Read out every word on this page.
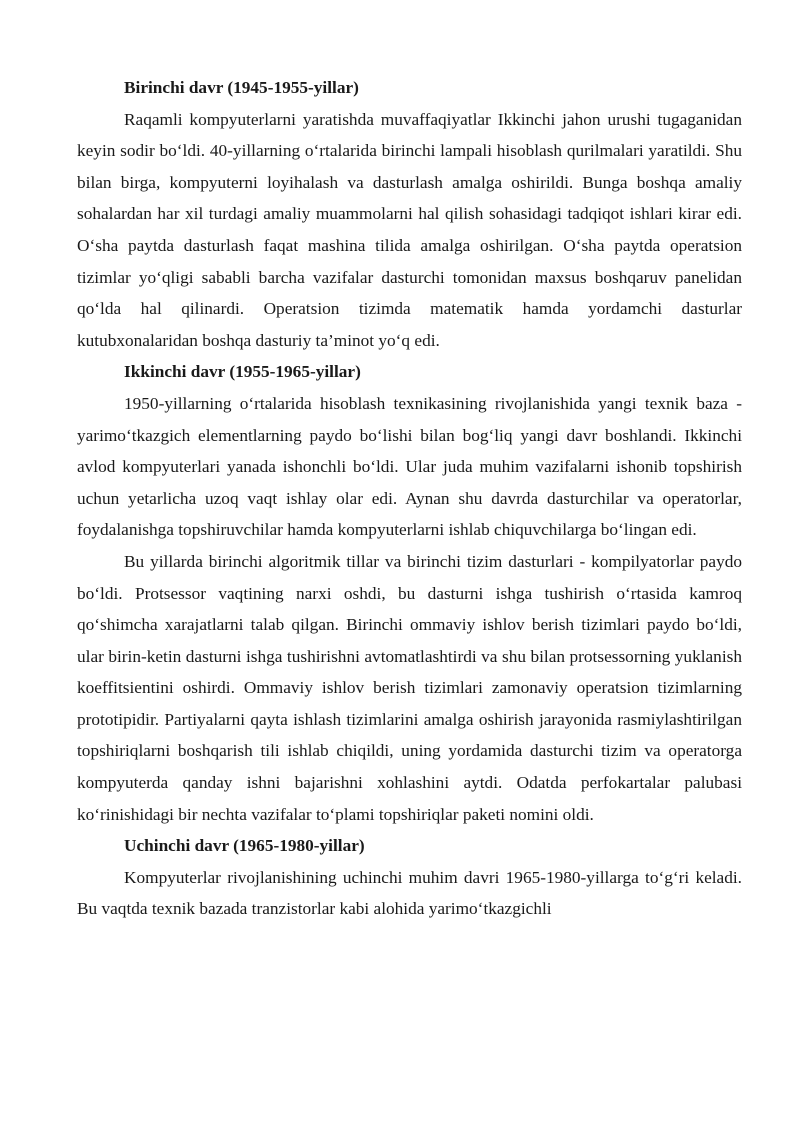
Birinchi davr (1945-1955-yillar)

Raqamli kompyuterlarni yaratishda muvaffaqiyatlar Ikkinchi jahon urushi tugaganidan keyin sodir bo‘ldi. 40-yillarning o‘rtalarida birinchi lampali hisoblash qurilmalari yaratildi. Shu bilan birga, kompyuterni loyihalash va dasturlash amalga oshirildi. Bunga boshqa amaliy sohalardan har xil turdagi amaliy muammolarni hal qilish sohasidagi tadqiqot ishlari kirar edi. O‘sha paytda dasturlash faqat mashina tilida amalga oshirilgan. O‘sha paytda operatsion tizimlar yo‘qligi sababli barcha vazifalar dasturchi tomonidan maxsus boshqaruv panelidan qo‘lda hal qilinardi. Operatsion tizimda matematik hamda yordamchi dasturlar kutubxonalaridan boshqa dasturiy ta’minot yo‘q edi.

Ikkinchi davr (1955-1965-yillar)

1950-yillarning o‘rtalarida hisoblash texnikasining rivojlanishida yangi texnik baza - yarimo‘tkazgich elementlarning paydo bo‘lishi bilan bog‘liq yangi davr boshlandi. Ikkinchi avlod kompyuterlari yanada ishonchli bo‘ldi. Ular juda muhim vazifalarni ishonib topshirish uchun yetarlicha uzoq vaqt ishlay olar edi. Aynan shu davrda dasturchilar va operatorlar, foydalanishga topshiruvchilar hamda kompyuterlarni ishlab chiquvchilarga bo‘lingan edi.

Bu yillarda birinchi algoritmik tillar va birinchi tizim dasturlari - kompilyatorlar paydo bo‘ldi. Protsessor vaqtining narxi oshdi, bu dasturni ishga tushirish o‘rtasida kamroq qo‘shimcha xarajatlarni talab qilgan. Birinchi ommaviy ishlov berish tizimlari paydo bo‘ldi, ular birin-ketin dasturni ishga tushirishni avtomatlashtirdi va shu bilan protsessorning yuklanish koeffitsientini oshirdi. Ommaviy ishlov berish tizimlari zamonaviy operatsion tizimlarning prototipidir. Partiyalarni qayta ishlash tizimlarini amalga oshirish jarayonida rasmiylashtirilgan topshiriqlarni boshqarish tili ishlab chiqildi, uning yordamida dasturchi tizim va operatorga kompyuterda qanday ishni bajarishni xohlashini aytdi. Odatda perfokartalar palubasi ko‘rinishidagi bir nechta vazifalar to‘plami topshiriqlar paketi nomini oldi.

Uchinchi davr (1965-1980-yillar)

Kompyuterlar rivojlanishining uchinchi muhim davri 1965-1980-yillarga to‘g‘ri keladi. Bu vaqtda texnik bazada tranzistorlar kabi alohida yarimo‘tkazgichli
